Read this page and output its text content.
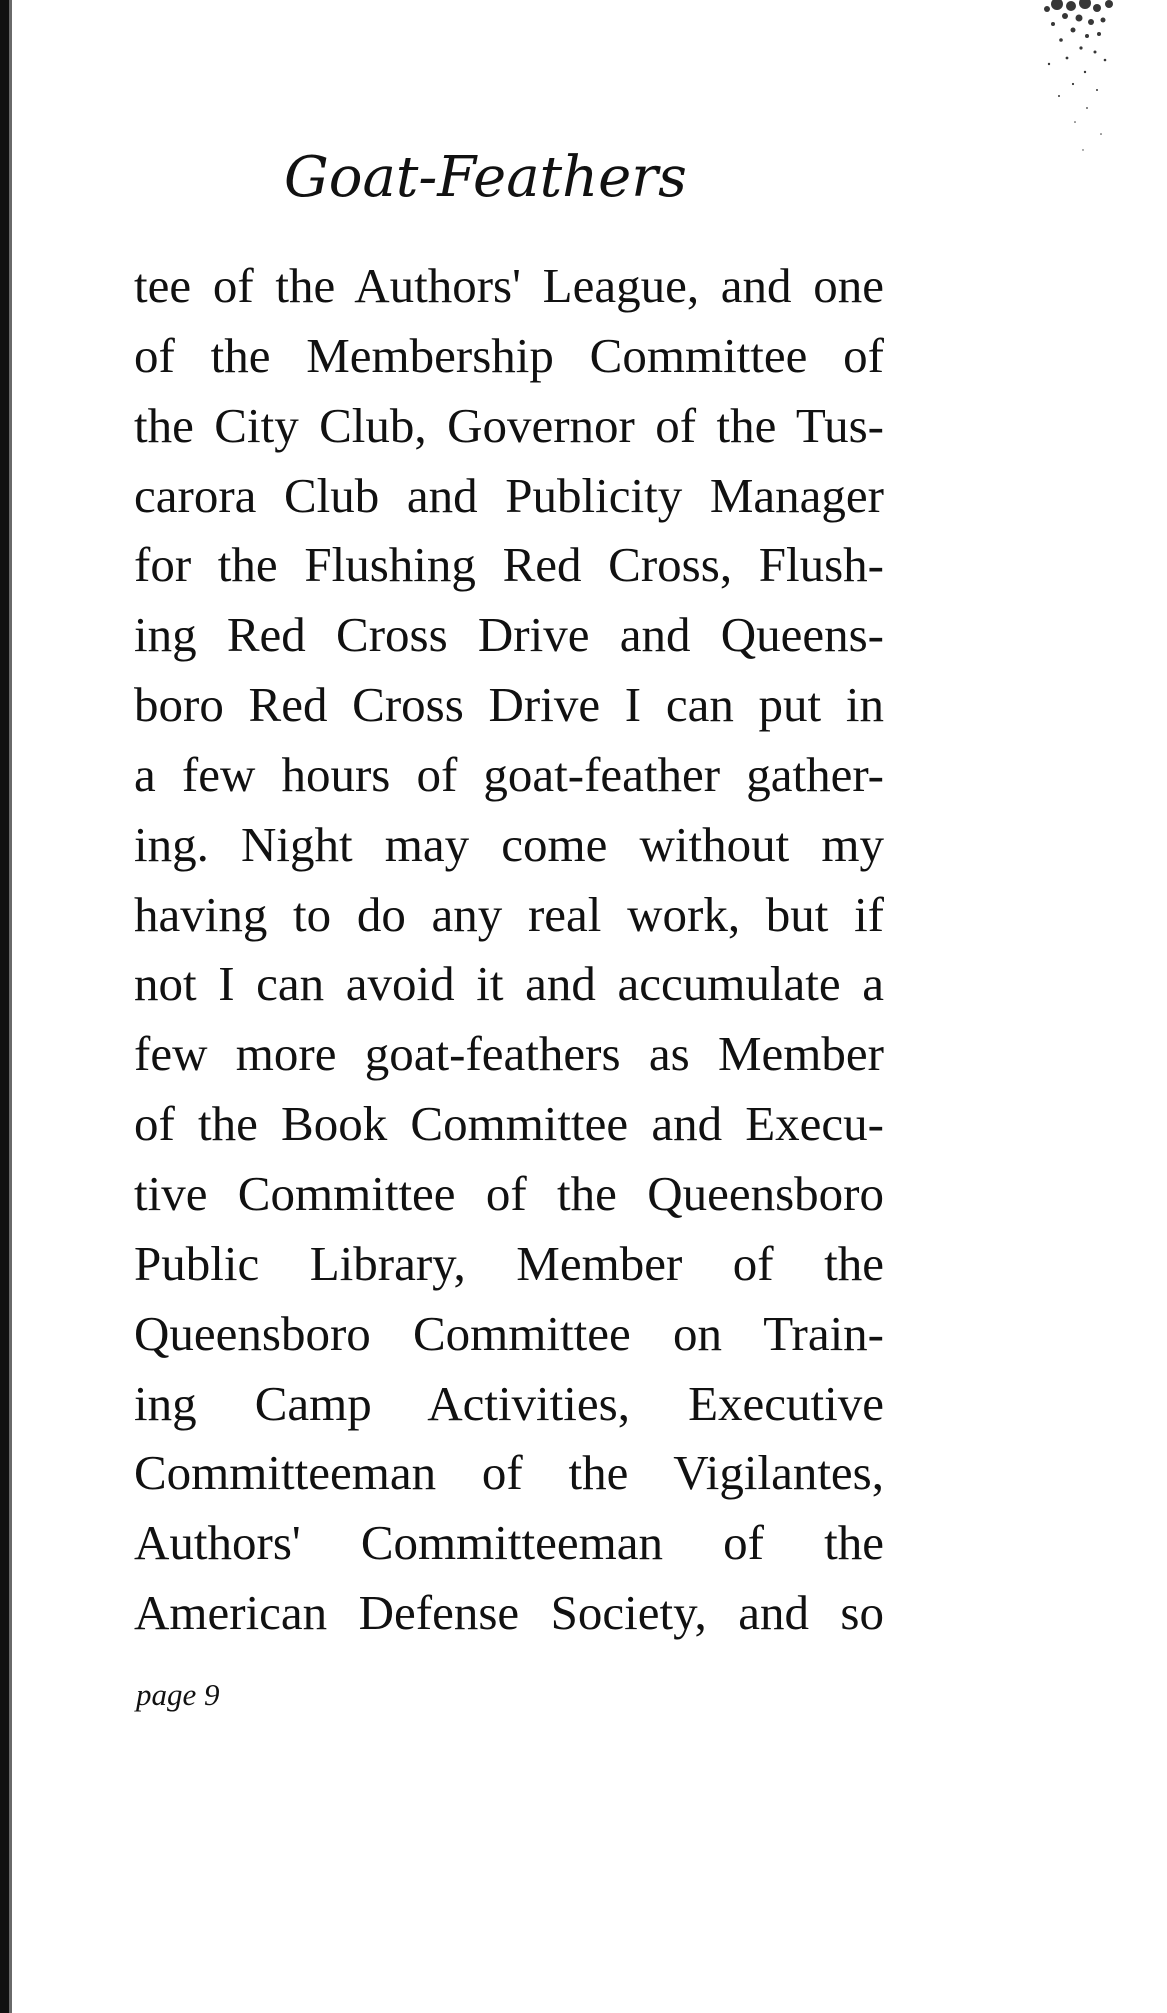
Goat-Feathers
tee of the Authors' League, and one
of the Membership Committee of
the City Club, Governor of the Tus-
carora Club and Publicity Manager
for the Flushing Red Cross, Flush-
ing Red Cross Drive and Queens-
boro Red Cross Drive I can put in
a few hours of goat-feather gather-
ing. Night may come without my
having to do any real work, but if
not I can avoid it and accumulate a
few more goat-feathers as Member
of the Book Committee and Execu-
tive Committee of the Queensboro
Public Library, Member of the
Queensboro Committee on Train-
ing Camp Activities, Executive
Committeeman of the Vigilantes,
Authors' Committeeman of the
American Defense Society, and so
page 9
